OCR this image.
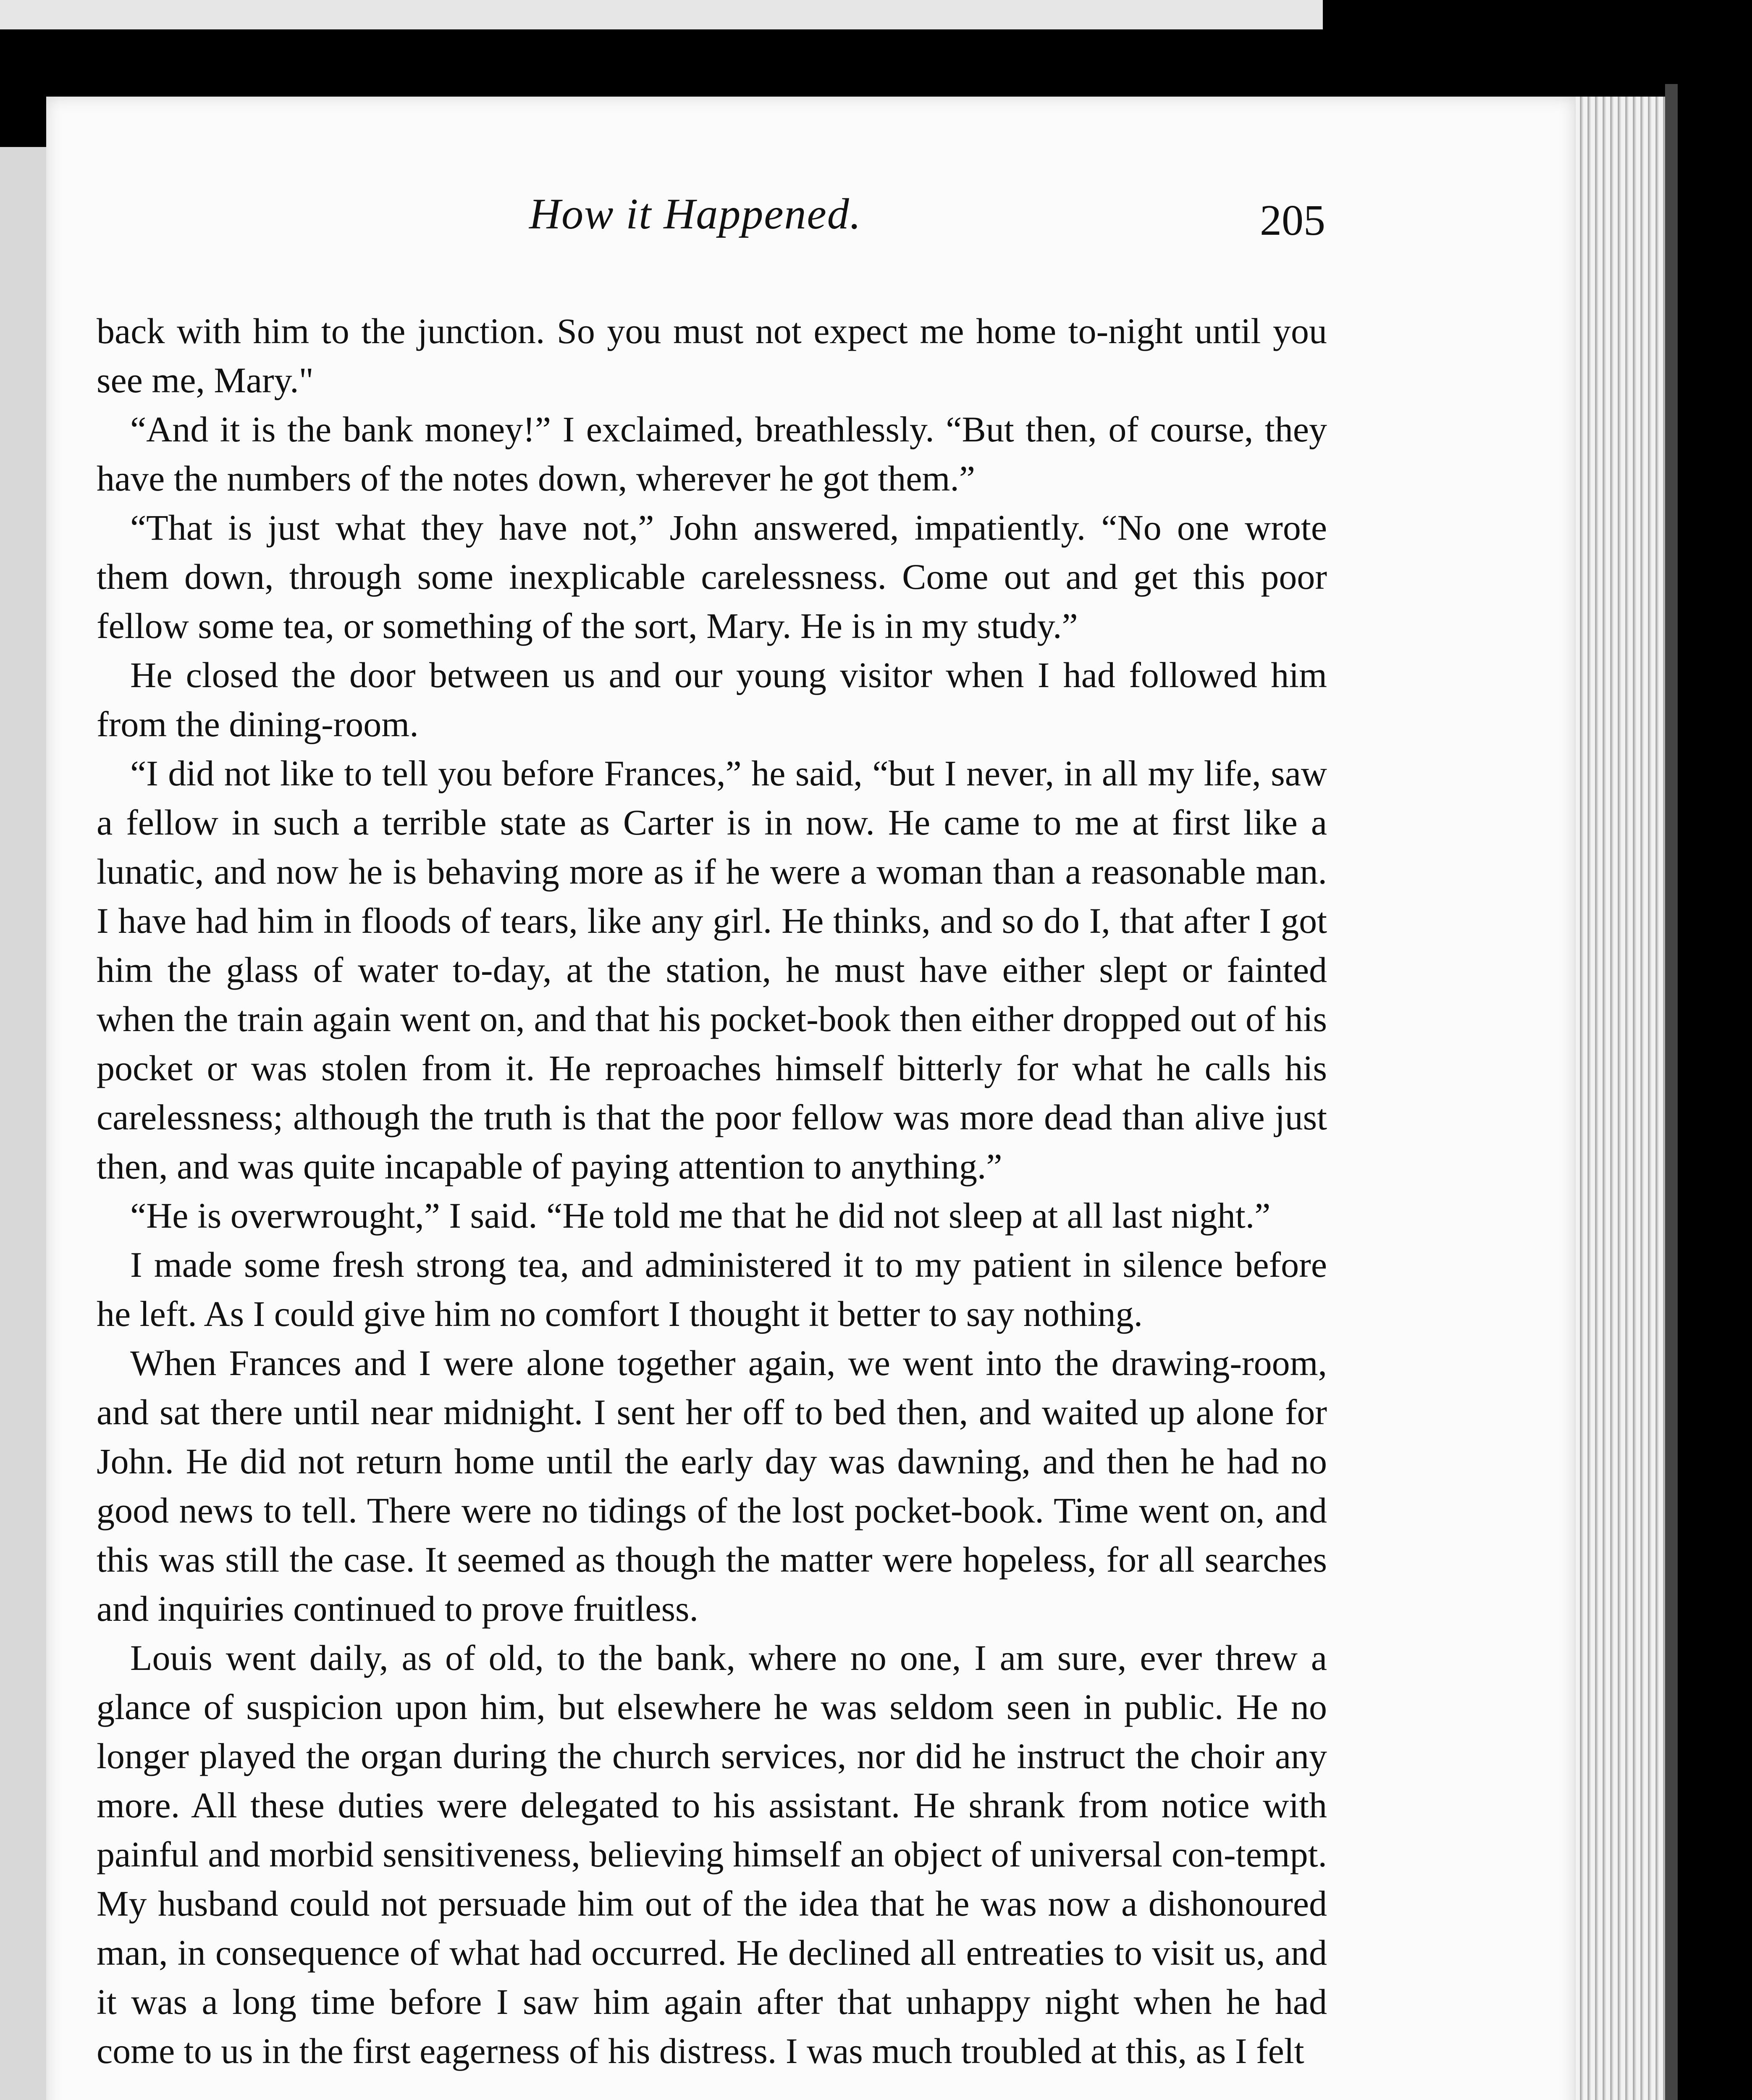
How it Happened.	205

back with him to the junction. So you must not expect me home to-night until you see me, Mary."

“And it is the bank money!” I exclaimed, breathlessly. “But then, of course, they have the numbers of the notes down, wherever he got them.”

“That is just what they have not,” John answered, impatiently. “No one wrote them down, through some inexplicable carelessness. Come out and get this poor fellow some tea, or something of the sort, Mary. He is in my study.”

He closed the door between us and our young visitor when I had followed him from the dining-room.

“I did not like to tell you before Frances,” he said, “but I never, in all my life, saw a fellow in such a terrible state as Carter is in now. He came to me at first like a lunatic, and now he is behaving more as if he were a woman than a reasonable man. I have had him in floods of tears, like any girl. He thinks, and so do I, that after I got him the glass of water to-day, at the station, he must have either slept or fainted when the train again went on, and that his pocket-book then either dropped out of his pocket or was stolen from it. He reproaches himself bitterly for what he calls his carelessness; although the truth is that the poor fellow was more dead than alive just then, and was quite incapable of paying attention to anything.”

“He is overwrought,” I said. “He told me that he did not sleep at all last night.”

I made some fresh strong tea, and administered it to my patient in silence before he left. As I could give him no comfort I thought it better to say nothing.

When Frances and I were alone together again, we went into the drawing-room, and sat there until near midnight. I sent her off to bed then, and waited up alone for John. He did not return home until the early day was dawning, and then he had no good news to tell. There were no tidings of the lost pocket-book. Time went on, and this was still the case. It seemed as though the matter were hopeless, for all searches and inquiries continued to prove fruitless.

Louis went daily, as of old, to the bank, where no one, I am sure, ever threw a glance of suspicion upon him, but elsewhere he was seldom seen in public. He no longer played the organ during the church services, nor did he instruct the choir any more. All these duties were delegated to his assistant. He shrank from notice with painful and morbid sensitiveness, believing himself an object of universal con-tempt. My husband could not persuade him out of the idea that he was now a dishonoured man, in consequence of what had occurred. He declined all entreaties to visit us, and it was a long time before I saw him again after that unhappy night when he had come to us in the first eagerness of his distress. I was much troubled at this, as I felt
